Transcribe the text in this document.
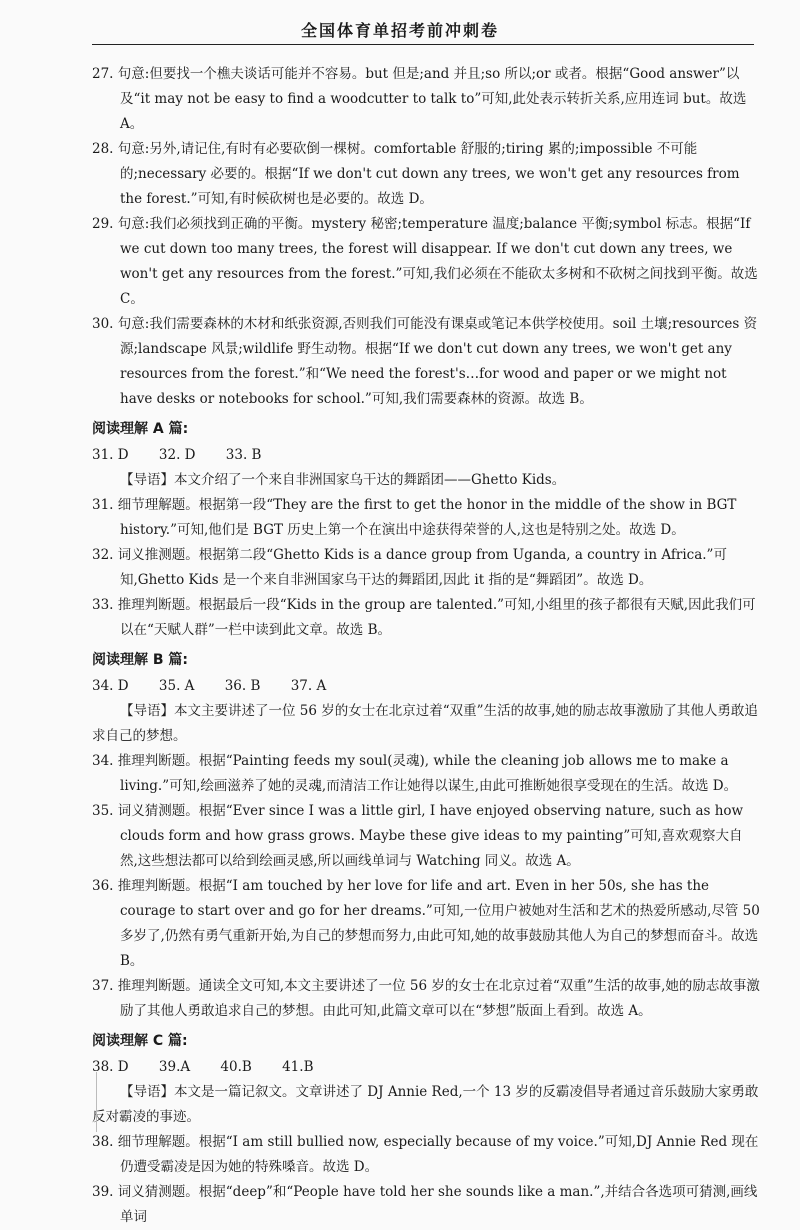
全国体育单招考前冲刺卷

27. 句意:但要找一个樵夫谈话可能并不容易。but 但是;and 并且;so 所以;or 或者。根据“Good answer”以及“it may not be easy to find a woodcutter to talk to”可知,此处表示转折关系,应用连词 but。故选 A。

28. 句意:另外,请记住,有时有必要砍倒一棵树。comfortable 舒服的;tiring 累的;impossible 不可能的;necessary 必要的。根据“If we don't cut down any trees, we won't get any resources from the forest.”可知,有时候砍树也是必要的。故选 D。

29. 句意:我们必须找到正确的平衡。mystery 秘密;temperature 温度;balance 平衡;symbol 标志。根据“If we cut down too many trees, the forest will disappear. If we don't cut down any trees, we won't get any resources from the forest.”可知,我们必须在不能砍太多树和不砍树之间找到平衡。故选 C。

30. 句意:我们需要森林的木材和纸张资源,否则我们可能没有课桌或笔记本供学校使用。soil 土壤;resources 资源;landscape 风景;wildlife 野生动物。根据“If we don't cut down any trees, we won't get any resources from the forest.”和“We need the forest's…for wood and paper or we might not have desks or notebooks for school.”可知,我们需要森林的资源。故选 B。

阅读理解 A 篇:

31. D 32. D 33. B

【导语】本文介绍了一个来自非洲国家乌干达的舞蹈团——Ghetto Kids。

31. 细节理解题。根据第一段“They are the first to get the honor in the middle of the show in BGT history.”可知,他们是 BGT 历史上第一个在演出中途获得荣誉的人,这也是特别之处。故选 D。

32. 词义推测题。根据第二段“Ghetto Kids is a dance group from Uganda, a country in Africa.”可知,Ghetto Kids 是一个来自非洲国家乌干达的舞蹈团,因此 it 指的是“舞蹈团”。故选 D。

33. 推理判断题。根据最后一段“Kids in the group are talented.”可知,小组里的孩子都很有天赋,因此我们可以在“天赋人群”一栏中读到此文章。故选 B。

阅读理解 B 篇:

34. D 35. A 36. B 37. A

【导语】本文主要讲述了一位 56 岁的女士在北京过着“双重”生活的故事,她的励志故事激励了其他人勇敢追求自己的梦想。

34. 推理判断题。根据“Painting feeds my soul(灵魂), while the cleaning job allows me to make a living.”可知,绘画滋养了她的灵魂,而清洁工作让她得以谋生,由此可推断她很享受现在的生活。故选 D。

35. 词义猜测题。根据“Ever since I was a little girl, I have enjoyed observing nature, such as how clouds form and how grass grows. Maybe these give ideas to my painting”可知,喜欢观察大自然,这些想法都可以给到绘画灵感,所以画线单词与 Watching 同义。故选 A。

36. 推理判断题。根据“I am touched by her love for life and art. Even in her 50s, she has the courage to start over and go for her dreams.”可知,一位用户被她对生活和艺术的热爱所感动,尽管 50 多岁了,仍然有勇气重新开始,为自己的梦想而努力,由此可知,她的故事鼓励其他人为自己的梦想而奋斗。故选 B。

37. 推理判断题。通读全文可知,本文主要讲述了一位 56 岁的女士在北京过着“双重”生活的故事,她的励志故事激励了其他人勇敢追求自己的梦想。由此可知,此篇文章可以在“梦想”版面上看到。故选 A。

阅读理解 C 篇:

38. D 39.A 40.B 41.B

【导语】本文是一篇记叙文。文章讲述了 DJ Annie Red,一个 13 岁的反霸凌倡导者通过音乐鼓励大家勇敢反对霸凌的事迹。

38. 细节理解题。根据“I am still bullied now, especially because of my voice.”可知,DJ Annie Red 现在仍遭受霸凌是因为她的特殊嗓音。故选 D。

39. 词义猜测题。根据“deep”和“People have told her she sounds like a man.”,并结合各选项可猜测,画线单词
